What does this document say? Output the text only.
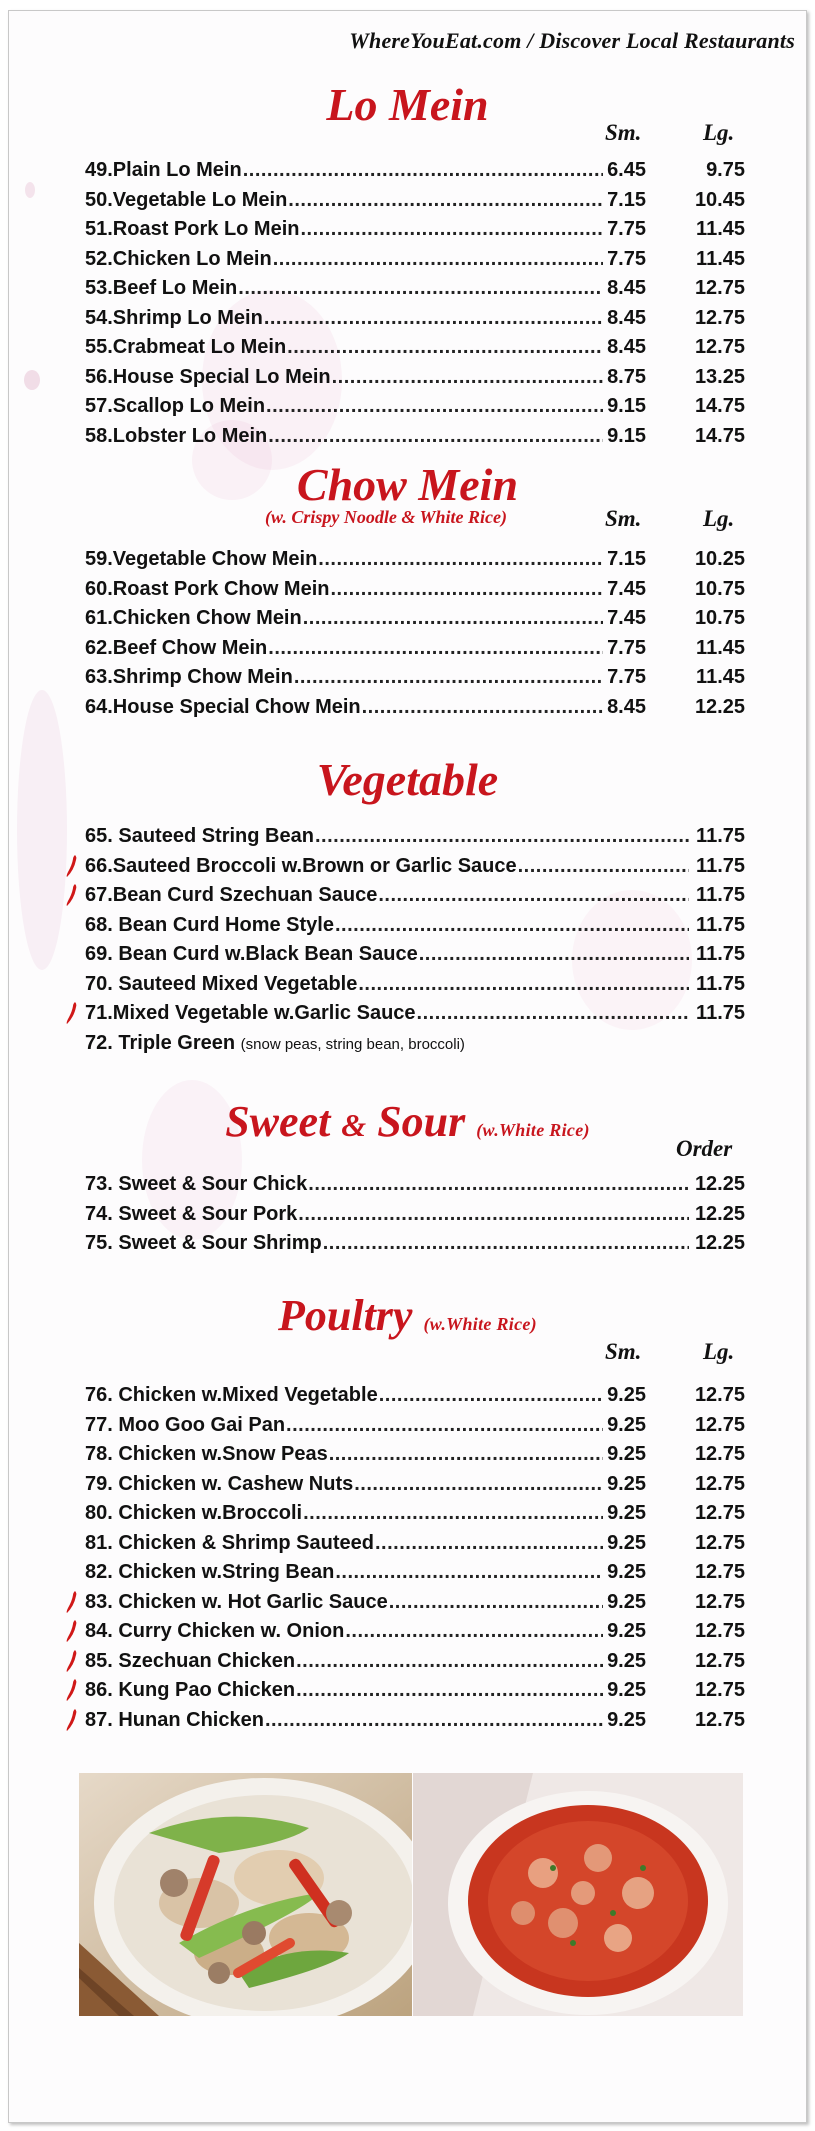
WhereYouEat.com / Discover Local Restaurants
Lo Mein
Chow Mein
Vegetable
Sweet & Sour (w.White Rice)
Poultry (w.White Rice)
(w. Crispy Noodle & White Rice)
Sm.	Lg.
Sm.	Lg.
Sm.	Lg.
Order
49.Plain Lo Mein .....	6.45	9.75
50.Vegetable Lo Mein .....	7.15 10.45
51.Roast Pork Lo Mein .....	7.75	11.45
52.Chicken Lo Mein .....	7.75	11.45
53.Beef Lo Mein .....	8.45 12.75
54.Shrimp Lo Mein .....	8.45 12.75
55.Crabmeat Lo Mein .....	8.45 12.75
56.House Special Lo Mein .....	8.75 13.25
57.Scallop Lo Mein .....	9.15 14.75
58.Lobster Lo Mein .....	9.15 14.75
59.Vegetable Chow Mein .....	7.15 10.25
60.Roast Pork Chow Mein .....	7.45 10.75
61.Chicken Chow Mein .....	7.45 10.75
62.Beef Chow Mein .....	7.75	11.45
63.Shrimp Chow Mein .....	7.75	11.45
64.House Special Chow Mein .....	8.45 12.25
76. Chicken w.Mixed Vegetable .....	9.25 12.75
77. Moo Goo Gai Pan .....	9.25 12.75
78. Chicken w.Snow Peas .....	9.25 12.75
79. Chicken w. Cashew Nuts .....	9.25 12.75
80. Chicken w.Broccoli .....	9.25 12.75
81. Chicken & Shrimp Sauteed .....	9.25 12.75
82. Chicken w.String Bean .....	9.25 12.75
83. Chicken w. Hot Garlic Sauce .....	9.25 12.75
84. Curry Chicken w. Onion .....	9.25 12.75
85. Szechuan Chicken .....	9.25 12.75
86. Kung Pao Chicken .....	9.25 12.75
87. Hunan Chicken .....	9.25 12.75
65. Sauteed String Bean .....	11.75
66.Sauteed Broccoli w.Brown or Garlic Sauce .....	11.75
67.Bean Curd Szechuan Sauce .....	11.75
68. Bean Curd Home Style .....	11.75
69. Bean Curd w.Black Bean Sauce .....	11.75
70. Sauteed Mixed Vegetable .....	11.75
71.Mixed Vegetable w.Garlic Sauce .....	11.75
72. Triple Green (snow peas, string bean, broccoli)
73. Sweet & Sour Chick .....	12.25
74. Sweet & Sour Pork .....	12.25
75. Sweet & Sour Shrimp .....	12.25
